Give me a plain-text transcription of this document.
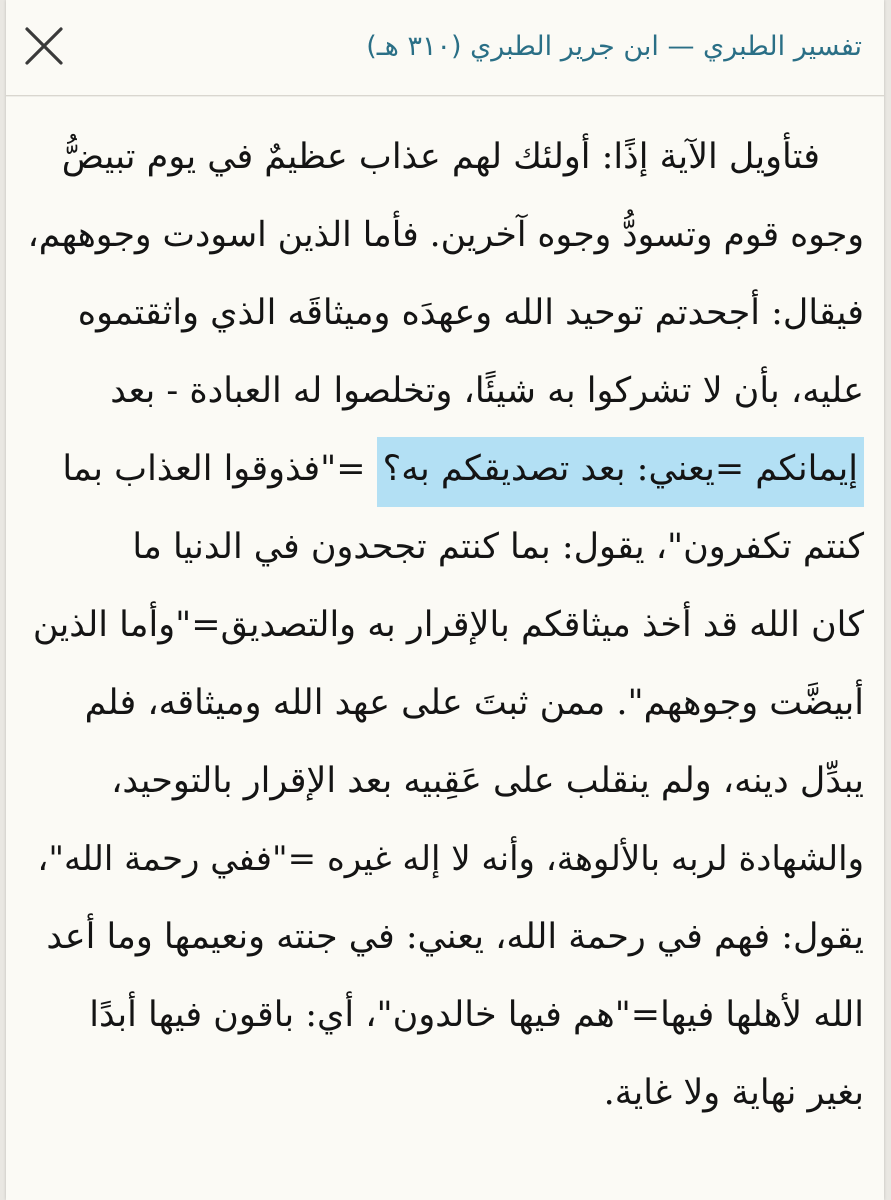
تفسير الطبري — ابن جرير الطبري (٣١٠ هـ)
فتأويل الآية إذًا: أولئك لهم عذاب عظيمٌ في يوم تبيضُّ
وجوه قوم وتسودُّ وجوه آخرين. فأما الذين اسودت وجوههم،
فيقال: أجحدتم توحيد الله وعهدَه وميثاقَه الذي واثقتموه
عليه، بأن لا تشركوا به شيئًا، وتخلصوا له العبادة - بعد
إيمانكم =يعني: بعد تصديقكم به؟ ="فذوقوا العذاب بما
كنتم تكفرون"، يقول: بما كنتم تجحدون في الدنيا ما
كان الله قد أخذ ميثاقكم بالإقرار به والتصديق="وأما الذين
أبيضَّت وجوههم". ممن ثبتَ على عهد الله وميثاقه، فلم
يبدِّل دينه، ولم ينقلب على عَقِبيه بعد الإقرار بالتوحيد،
والشهادة لربه بالألوهة، وأنه لا إله غيره ="ففي رحمة الله"،
يقول: فهم في رحمة الله، يعني: في جنته ونعيمها وما أعد
الله لأهلها فيها="هم فيها خالدون"، أي: باقون فيها أبدًا
بغير نهاية ولا غاية.
